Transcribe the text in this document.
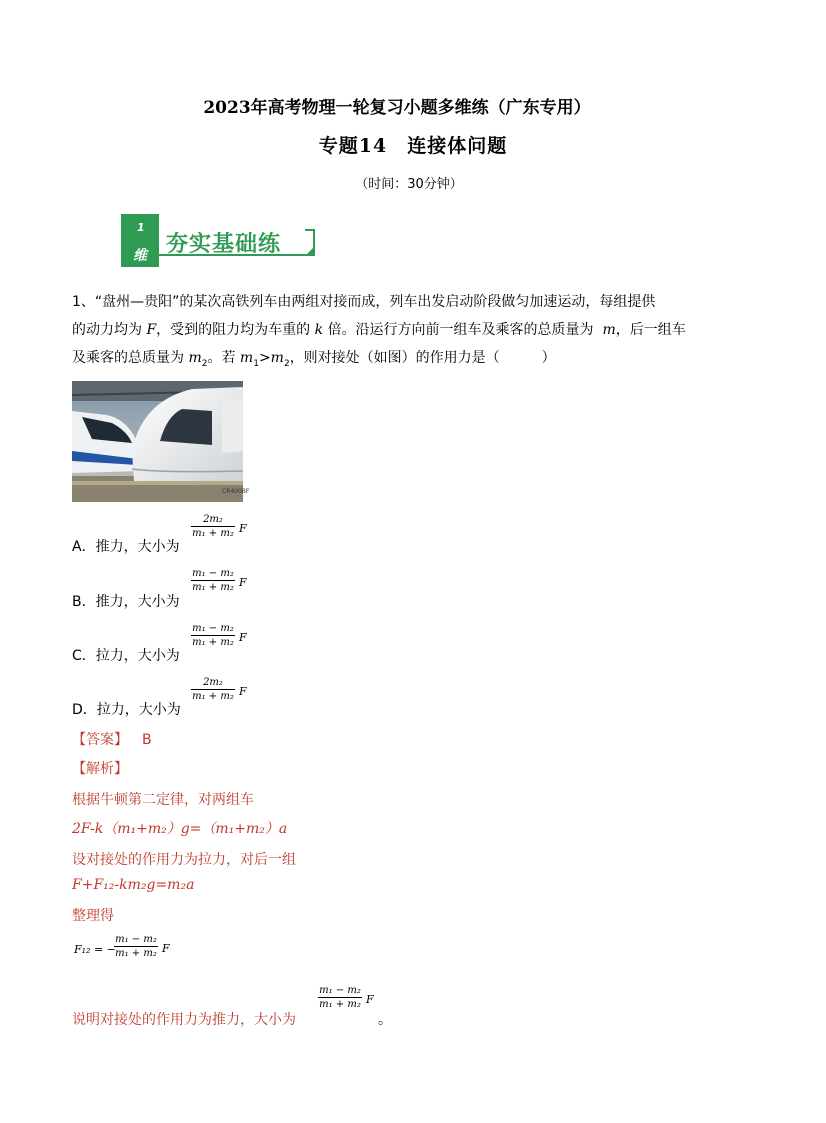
2023年高考物理一轮复习小题多维练（广东专用）
专题14　连接体问题
（时间：30分钟）
1
维 夯实基础练
1、“盘州—贵阳”的某次高铁列车由两组对接而成，列车出发启动阶段做匀加速运动，每组提供
的动力均为 F，受到的阻力均为车重的 k 倍。沿运行方向前一组车及乘客的总质量为 m，后一组车
及乘客的总质量为 $m_2$。若 $m_1>m_2$，则对接处（如图）的作用力是（　　　）
CR400BF
A．推力，大小为
2m₂
m₁ + m₂ F
B．推力，大小为
m₁ − m₂
m₁ + m₂ F
C．拉力，大小为
m₁ − m₂
m₁ + m₂ F
D．拉力，大小为
2m₂
m₁ + m₂ F
【答案】 B
【解析】
根据牛顿第二定律，对两组车
2F-k（m₁+m₂）g=（m₁+m₂）a
设对接处的作用力为拉力，对后一组
F+F₁₂-km₂g=m₂a
整理得
F₁₂ = −
m₁ − m₂
m₁ + m₂ F
说明对接处的作用力为推力，大小为
m₁ − m₂
m₁ + m₂ F
。
